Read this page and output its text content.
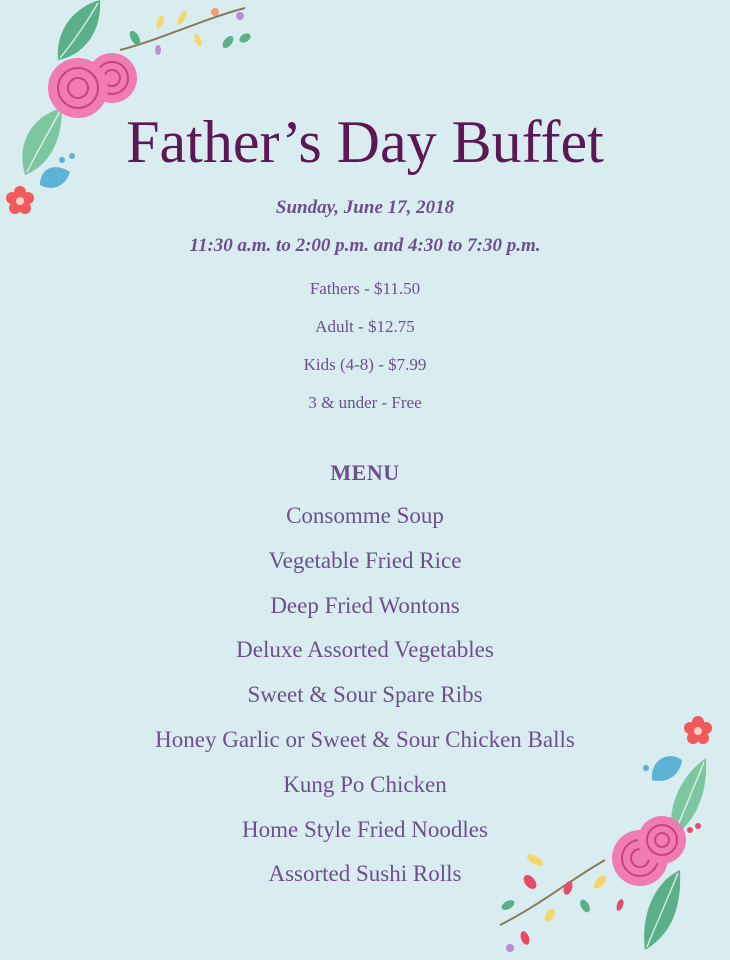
Father’s Day Buffet
Sunday, June 17, 2018
11:30 a.m. to 2:00 p.m. and 4:30 to 7:30 p.m.
Fathers - $11.50
Adult - $12.75
Kids (4-8) - $7.99
3 & under - Free
MENU
Consomme Soup
Vegetable Fried Rice
Deep Fried Wontons
Deluxe Assorted Vegetables
Sweet & Sour Spare Ribs
Honey Garlic or Sweet & Sour Chicken Balls
Kung Po Chicken
Home Style Fried Noodles
Assorted Sushi Rolls
